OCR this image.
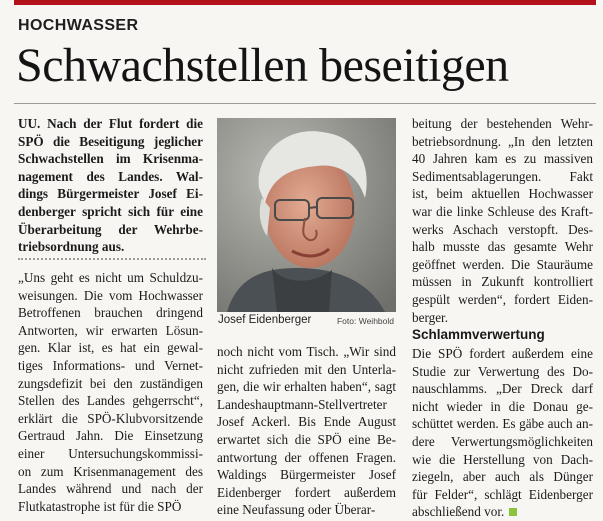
HOCHWASSER
Schwachstellen beseitigen
UU. Nach der Flut fordert die
SPÖ die Beseitigung jeglicher
Schwachstellen im Krisenma-
nagement des Landes. Wal-
dings Bürgermeister Josef Ei-
denberger spricht sich für eine
Überarbeitung der Wehrbe-
triebsordnung aus.
„Uns geht es nicht um Schuldzu-
weisungen. Die vom Hochwasser
Betroffenen brauchen dringend
Antworten, wir erwarten Lösun-
gen. Klar ist, es hat ein gewal-
tiges Informations- und Vernet-
zungsdefizit bei den zuständigen
Stellen des Landes gehgerrscht“,
erklärt die SPÖ-Klubvorsitzende
Gertraud Jahn. Die Einsetzung
einer Untersuchungskommissi-
on zum Krisenmanagement des
Landes während und nach der
Flutkatastrophe ist für die SPÖ
Josef Eidenberger	Foto: Weihbold
noch nicht vom Tisch. „Wir sind
nicht zufrieden mit den Unterla-
gen, die wir erhalten haben“, sagt
Landeshauptmann-Stellvertreter
Josef Ackerl. Bis Ende August
erwartet sich die SPÖ eine Be-
antwortung der offenen Fragen.
Waldings Bürgermeister Josef
Eidenberger fordert außerdem
eine Neufassung oder Überar-
beitung der bestehenden Wehr-
betriebsordnung. „In den letzten
40 Jahren kam es zu massiven
Sedimentsablagerungen. Fakt
ist, beim aktuellen Hochwasser
war die linke Schleuse des Kraft-
werks Aschach verstopft. Des-
halb musste das gesamte Wehr
geöffnet werden. Die Stauräume
müssen in Zukunft kontrolliert
gespült werden“, fordert Eiden-
berger.
Schlammverwertung
Die SPÖ fordert außerdem eine
Studie zur Verwertung des Do-
nauschlamms. „Der Dreck darf
nicht wieder in die Donau ge-
schüttet werden. Es gäbe auch an-
dere Verwertungsmöglichkeiten
wie die Herstellung von Dach-
ziegeln, aber auch als Dünger
für Felder“, schlägt Eidenberger
abschließend vor.
